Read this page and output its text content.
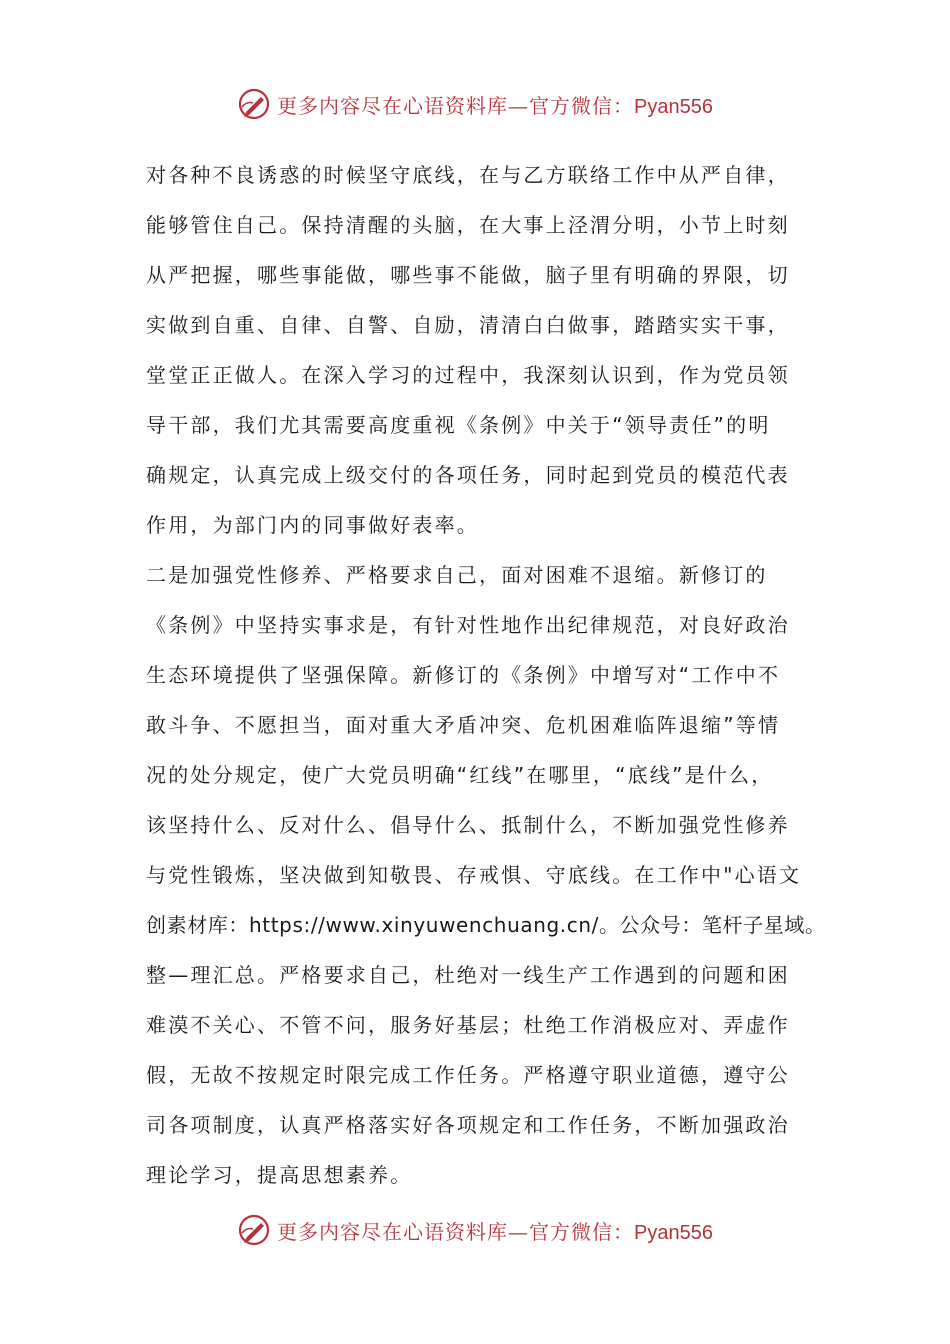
更多内容尽在心语资料库—官方微信：Pyan556
对各种不良诱惑的时候坚守底线，在与乙方联络工作中从严自律，
能够管住自己。保持清醒的头脑，在大事上泾渭分明，小节上时刻
从严把握，哪些事能做，哪些事不能做，脑子里有明确的界限，切
实做到自重、自律、自警、自励，清清白白做事，踏踏实实干事，
堂堂正正做人。在深入学习的过程中，我深刻认识到，作为党员领
导干部，我们尤其需要高度重视《条例》中关于“领导责任”的明
确规定，认真完成上级交付的各项任务，同时起到党员的模范代表
作用，为部门内的同事做好表率。
二是加强党性修养、严格要求自己，面对困难不退缩。新修订的
《条例》中坚持实事求是，有针对性地作出纪律规范，对良好政治
生态环境提供了坚强保障。新修订的《条例》中增写对“工作中不
敢斗争、不愿担当，面对重大矛盾冲突、危机困难临阵退缩”等情
况的处分规定，使广大党员明确“红线”在哪里，“底线”是什么，
该坚持什么、反对什么、倡导什么、抵制什么，不断加强党性修养
与党性锻炼，坚决做到知敬畏、存戒惧、守底线。在工作中"心语文
创素材库：https://www.xinyuwenchuang.cn/。公众号：笔杆子星域。
整—理汇总。严格要求自己，杜绝对一线生产工作遇到的问题和困
难漠不关心、不管不问，服务好基层；杜绝工作消极应对、弄虚作
假，无故不按规定时限完成工作任务。严格遵守职业道德，遵守公
司各项制度，认真严格落实好各项规定和工作任务，不断加强政治
理论学习，提高思想素养。
更多内容尽在心语资料库—官方微信：Pyan556
